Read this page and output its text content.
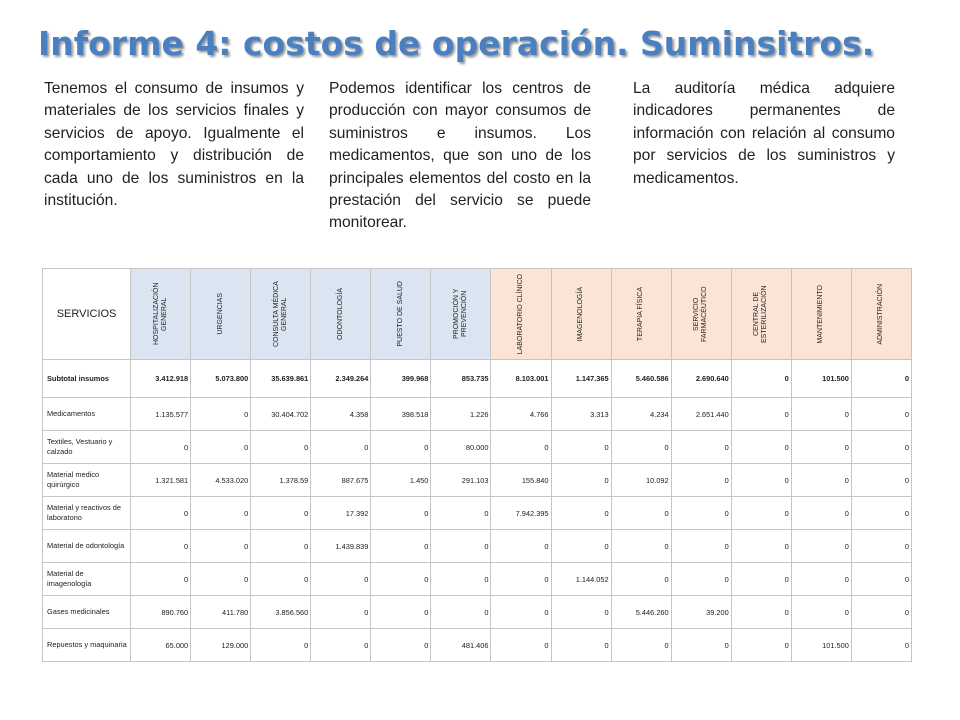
Informe 4: costos de operación. Suminsitros.

Tenemos el consumo de insumos y materiales de los servicios finales y servicios de apoyo. Igualmente el comportamiento y distribución de cada uno de los suministros en la institución.

Podemos identificar los centros de producción con mayor consumos de suministros e insumos. Los medicamentos, que son uno de los principales elementos del costo en la prestación del servicio se puede monitorear.

La auditoría médica adquiere indicadores permanentes de información con relación al consumo por servicios de los suministros y medicamentos.

SERVICIOS	HOSPITALIZACIÓN GENERAL	URGENCIAS	CONSULTA MÉDICA GENERAL	ODONTOLOGÍA	PUESTO DE SALUD	PROMOCIÓN Y PREVENCIÓN	LABORATORIO CLÍNICO	IMAGENOLOGÍA	TERAPIA FÍSICA	SERVICIO FARMACÉUTICO	CENTRAL DE ESTERILIZACIÓN	MANTENIMIENTO	ADMINISTRACIÓN

Subtotal insumos	3.412.918	5.073.800	35.639.861	2.349.264	399.968	853.735	8.103.001	1.147.365	5.460.586	2.690.640	0	101.500	0
Medicamentos	1.135.577	0	30.404.702	4.358	398.518	1.226	4.766	3.313	4.234	2.651.440	0	0	0
Textiles, Vestuario y calzado	0	0	0	0	0	80.000	0	0	0	0	0	0	0
Material medico quirúrgico	1.321.581	4.533.020	1.378.59	887.675	1.450	291.103	155.840	0	10.092	0	0	0	0
Material y reactivos de laboratorio	0	0	0	17.392	0	0	7.942.395	0	0	0	0	0	0
Material de odontología	0	0	0	1.439.839	0	0	0	0	0	0	0	0	0
Material de imagenología	0	0	0	0	0	0	0	1.144.052	0	0	0	0	0
Gases medicinales	890.760	411.780	3.856.560	0	0	0	0	0	5.446.260	39.200	0	0	0
Repuestos y maquinaria	65.000	129.000	0	0	0	481.406	0	0	0	0	0	101.500	0
